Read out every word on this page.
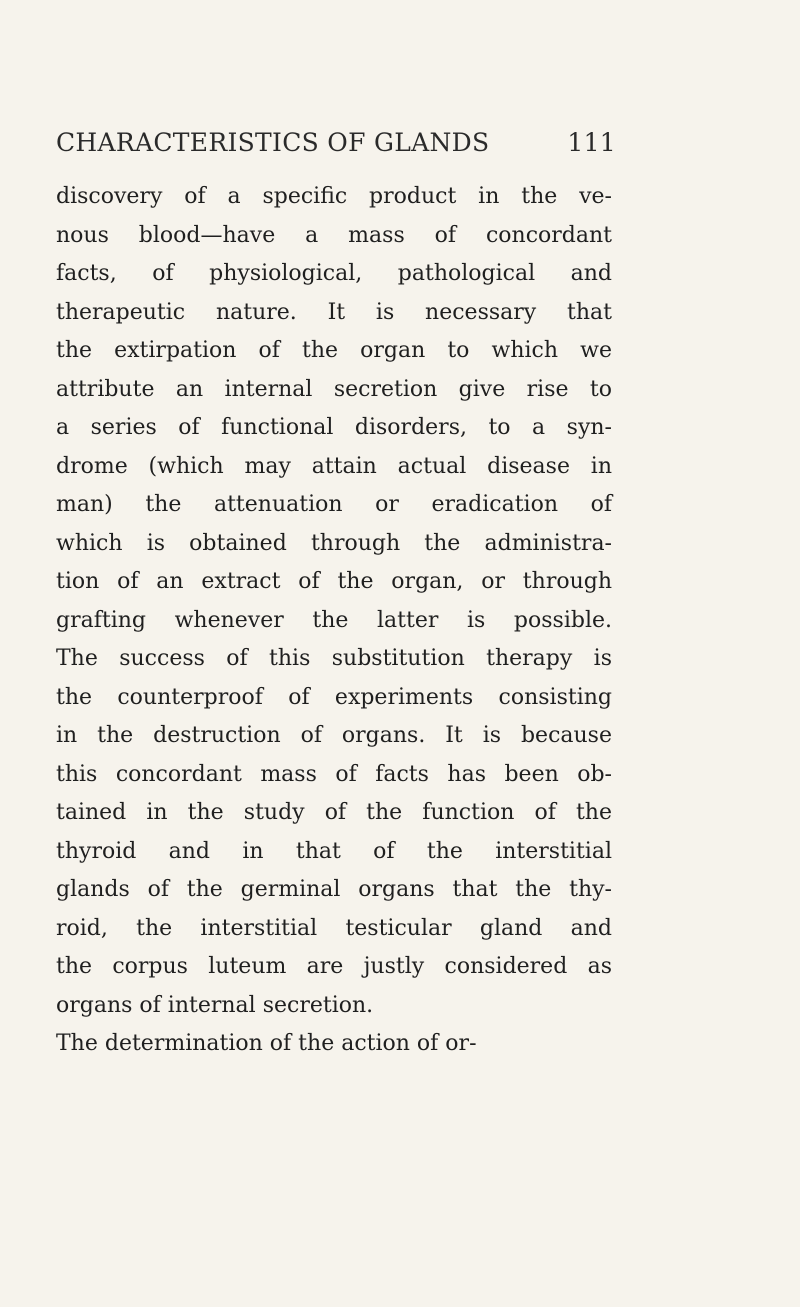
CHARACTERISTICS OF GLANDS	111
discovery of a specific product in the ve-
nous blood—have a mass of concordant
facts, of physiological, pathological and
therapeutic nature. It is necessary that
the extirpation of the organ to which we
attribute an internal secretion give rise to
a series of functional disorders, to a syn-
drome (which may attain actual disease in
man) the attenuation or eradication of
which is obtained through the administra-
tion of an extract of the organ, or through
grafting whenever the latter is possible.
The success of this substitution therapy is
the counterproof of experiments consisting
in the destruction of organs. It is because
this concordant mass of facts has been ob-
tained in the study of the function of the
thyroid and in that of the interstitial
glands of the germinal organs that the thy-
roid, the interstitial testicular gland and
the corpus luteum are justly considered as
organs of internal secretion.
The determination of the action of or-
